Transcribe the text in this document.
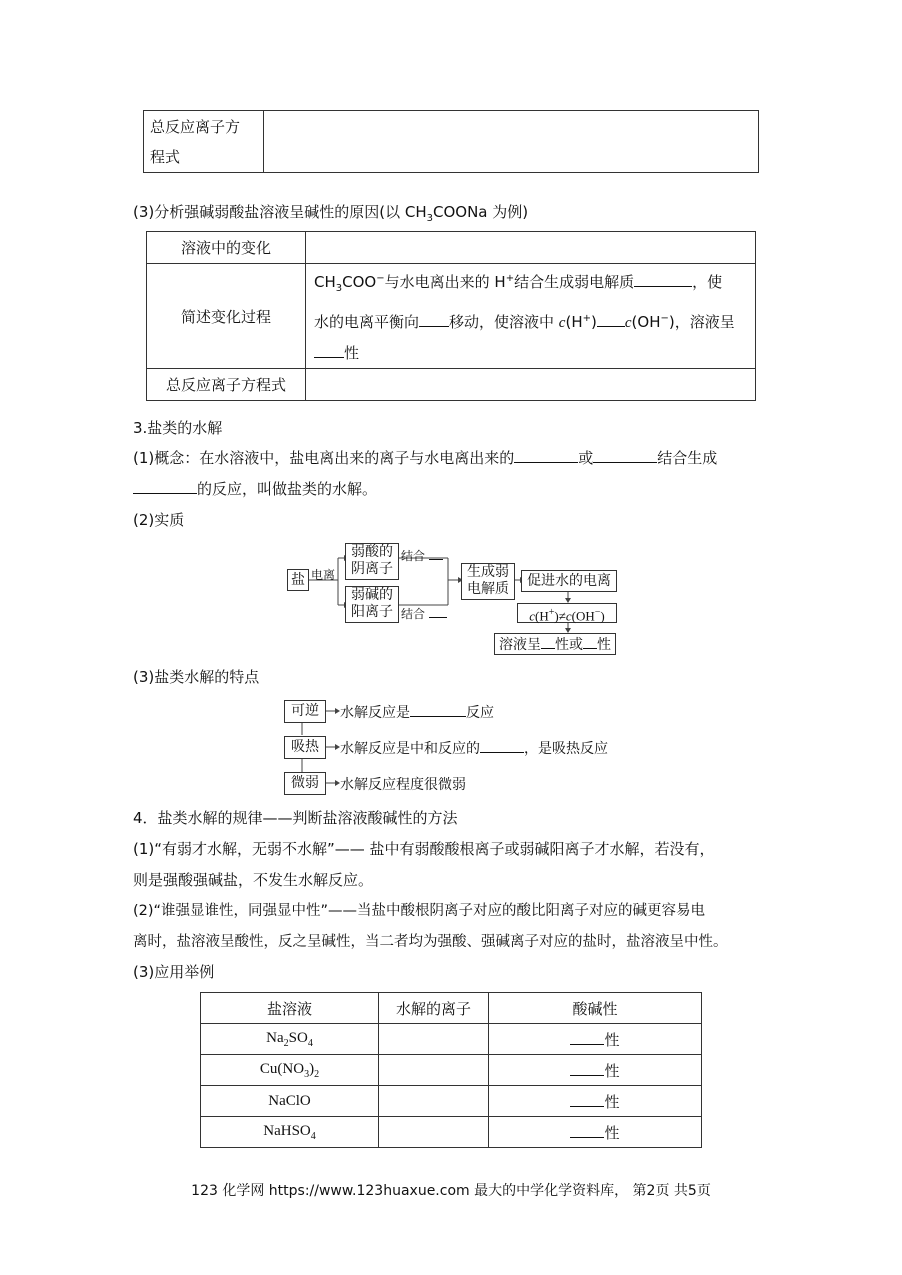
总反应离子方
程式	
(3)分析强碱弱酸盐溶液呈碱性的原因(以 $CH_3COONa$ 为例)
溶液中的变化	
简述变化过程	$CH_3COO^-$与水电离出来的 H+结合生成弱电解质 ，使
水的电离平衡向 移动，使溶液中 c(H+) c(OH−)，溶液呈
性
总反应离子方程式	
3.盐类的水解
(1)概念：在水溶液中，盐电离出来的离子与水电离出来的	或	结合生成
的反应，叫做盐类的水解。
(2)实质
盐 电离
弱酸的
阴离子
弱碱的
阳离子
结合
结合
生成弱
电解质	促进水的电离
c(H+)≠c(OH−)
溶液呈 性或 性
(3)盐类水解的特点
可逆	水解反应是	反应
吸热	水解反应是中和反应的	，是吸热反应
微弱	水解反应程度很微弱
4．盐类水解的规律——判断盐溶液酸碱性的方法
(1)“有弱才水解，无弱不水解”—— 盐中有弱酸酸根离子或弱碱阳离子才水解，若没有，
则是强酸强碱盐，不发生水解反应。
(2)“谁强显谁性，同强显中性”——当盐中酸根阴离子对应的酸比阳离子对应的碱更容易电
离时，盐溶液呈酸性，反之呈碱性，当二者均为强酸、强碱离子对应的盐时，盐溶液呈中性。
(3)应用举例
盐溶液	水解的离子	酸碱性
$Na_2SO_4$		性
$Cu(NO_3)_2$		性
NaClO		性
NaHSO$_4$		性
123 化学网 https://www.123huaxue.com 最大的中学化学资料库， 第2页 共5页
